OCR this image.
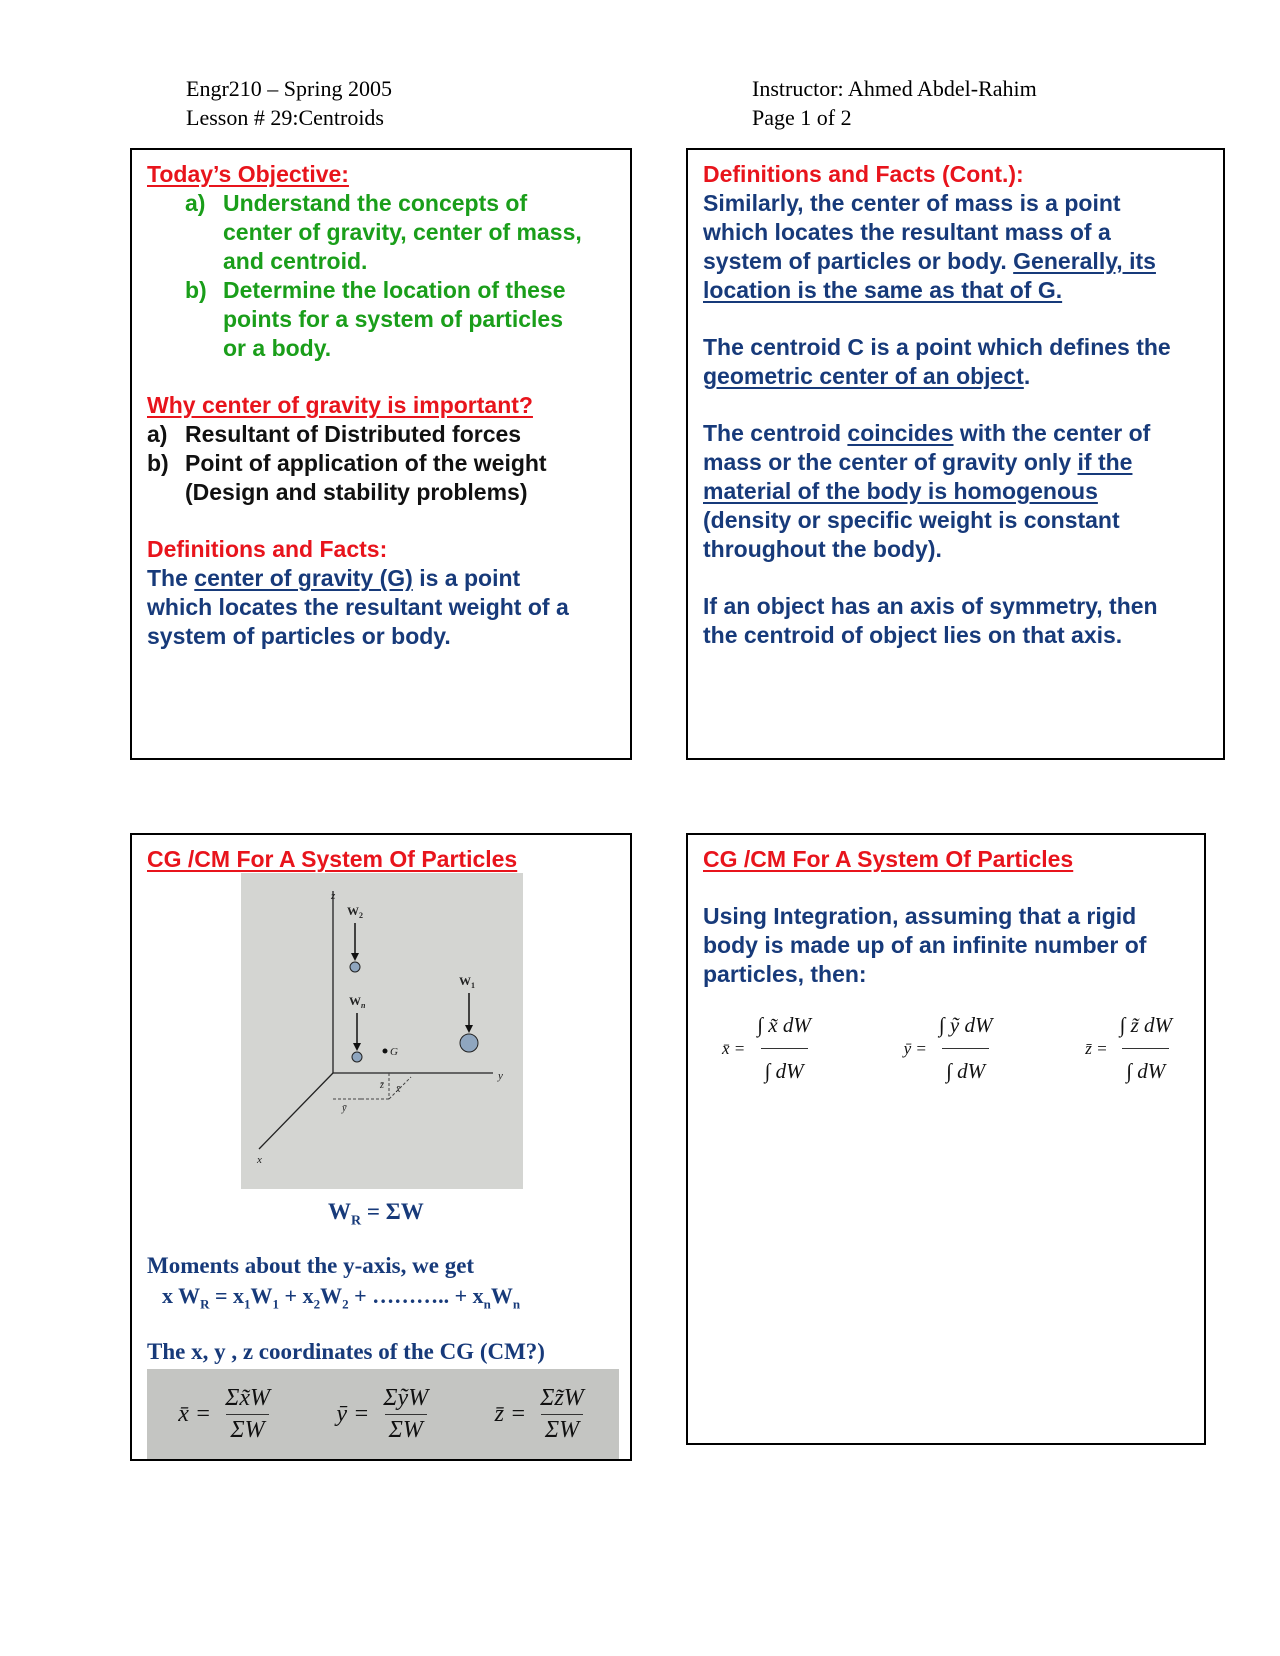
Engr210 – Spring 2005
Lesson # 29:Centroids
Instructor: Ahmed Abdel-Rahim
Page 1 of 2
Today’s Objective:
a) Understand the concepts of
center of gravity, center of mass,
and centroid.
b) Determine the location of these
points for a system of particles
or a body.
Why center of gravity is important?
a) Resultant of Distributed forces
b) Point of application of the weight
(Design and stability problems)
Definitions and Facts:
The center of gravity (G) is a point
which locates the resultant weight of a
system of particles or body.
Definitions and Facts (Cont.):
Similarly, the center of mass is a point
which locates the resultant mass of a
system of particles or body. Generally, its
location is the same as that of G.
The centroid C is a point which defines the
geometric center of an object.
The centroid coincides with the center of
mass or the center of gravity only if the
material of the body is homogenous
(density or specific weight is constant
throughout the body).
If an object has an axis of symmetry, then
the centroid of object lies on that axis.
CG /CM For A System Of Particles
z
y
x
z̄ x̄
ȳ
$W_2$
$W_n$
G
$W_1$
$W_R = \Sigma W$
Moments about the y-axis, we get
x $W_R = x_1W_1 + x_2W_2$ + ……….. + $x_nW_n$
The x, y , z coordinates of the CG (CM?)
x̄ = $\frac{\Sigma x̃W}{\Sigma W}$	ȳ = $\frac{\text{ΣỹW}}{\Sigma W}$	z̄ = $\frac{\Sigma z̃W}{\Sigma W}$
CG /CM For A System Of Particles
Using Integration, assuming that a rigid
body is made up of an infinite number of
particles, then:
x̄ = $\frac{\int x̃ dW}{\int dW}$	ȳ = $\frac{\text{∫ ỹ dW}}{\int dW}$	z̄ = $\frac{\int z̃ dW}{\int dW}$
